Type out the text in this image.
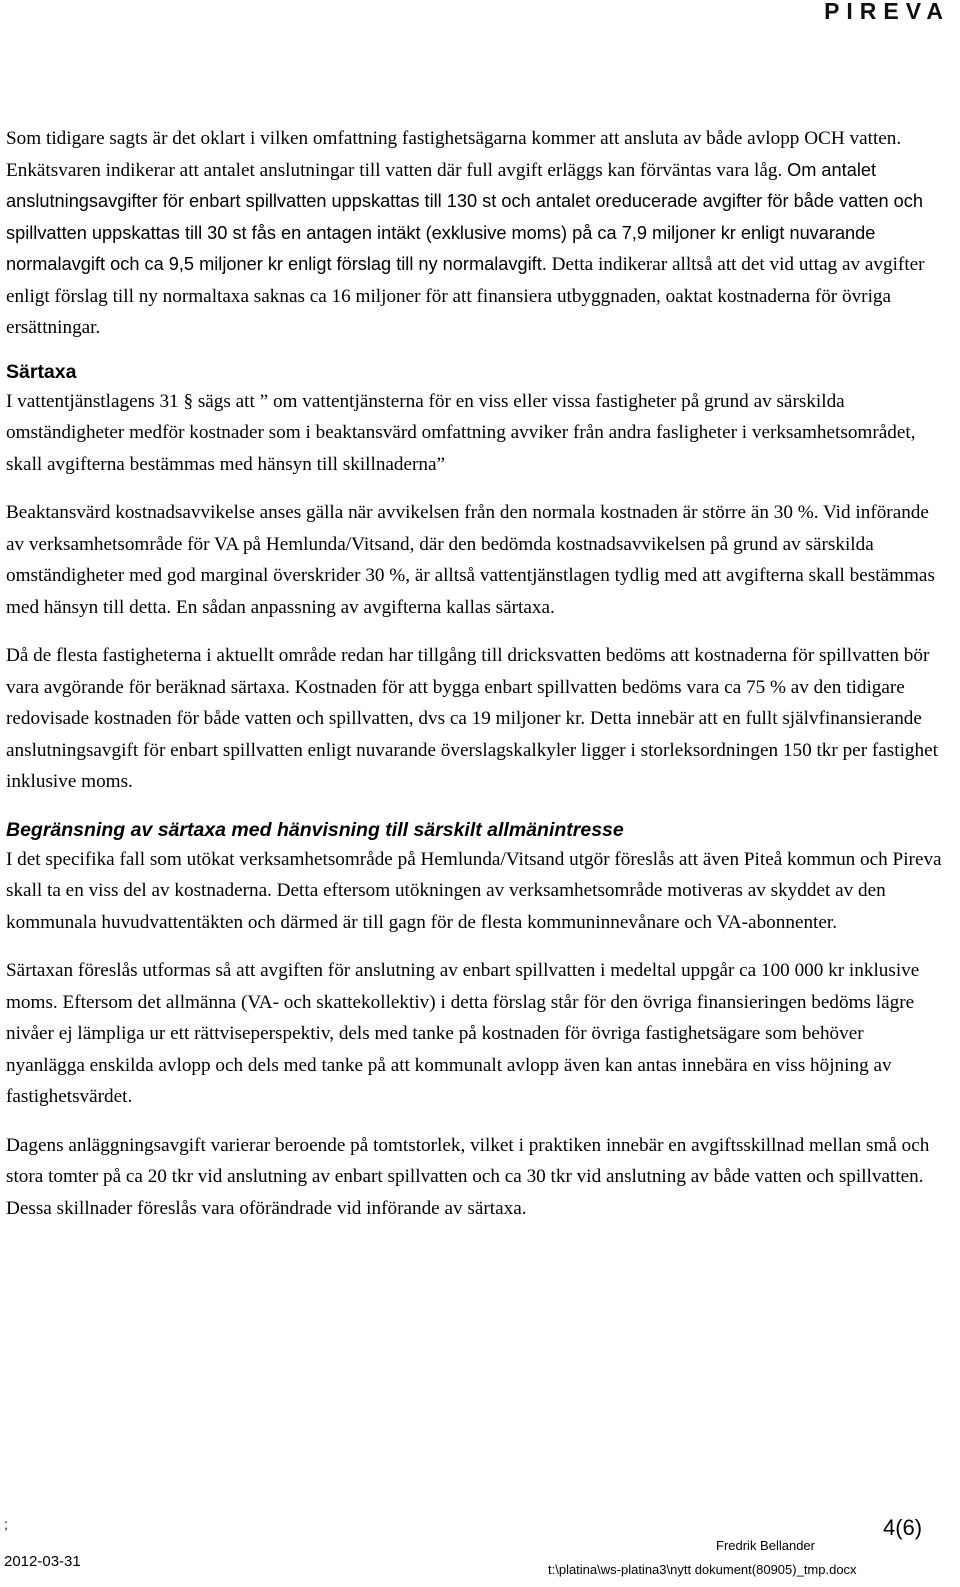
PIREVA

Som tidigare sagts är det oklart i vilken omfattning fastighetsägarna kommer att ansluta av både avlopp OCH vatten. Enkätsvaren indikerar att antalet anslutningar till vatten där full avgift erläggs kan förväntas vara låg. Om antalet anslutningsavgifter för enbart spillvatten uppskattas till 130 st och antalet oreducerade avgifter för både vatten och spillvatten uppskattas till 30 st fås en antagen intäkt (exklusive moms) på ca 7,9 miljoner kr enligt nuvarande normalavgift och ca 9,5 miljoner kr enligt förslag till ny normalavgift. Detta indikerar alltså att det vid uttag av avgifter enligt förslag till ny normaltaxa saknas ca 16 miljoner för att finansiera utbyggnaden, oaktat kostnaderna för övriga ersättningar.

Särtaxa

I vattentjänstlagens 31 § sägs att ” om vattentjänsterna för en viss eller vissa fastigheter på grund av särskilda omständigheter medför kostnader som i beaktansvärd omfattning avviker från andra fasligheter i verksamhetsområdet, skall avgifterna bestämmas med hänsyn till skillnaderna”

Beaktansvärd kostnadsavvikelse anses gälla när avvikelsen från den normala kostnaden är större än 30 %. Vid införande av verksamhetsområde för VA på Hemlunda/Vitsand, där den bedömda kostnadsavvikelsen på grund av särskilda omständigheter med god marginal överskrider 30 %, är alltså vattentjänstlagen tydlig med att avgifterna skall bestämmas med hänsyn till detta. En sådan anpassning av avgifterna kallas särtaxa.

Då de flesta fastigheterna i aktuellt område redan har tillgång till dricksvatten bedöms att kostnaderna för spillvatten bör vara avgörande för beräknad särtaxa. Kostnaden för att bygga enbart spillvatten bedöms vara ca 75 % av den tidigare redovisade kostnaden för både vatten och spillvatten, dvs ca 19 miljoner kr. Detta innebär att en fullt självfinansierande anslutningsavgift för enbart spillvatten enligt nuvarande överslagskalkyler ligger i storleksordningen 150 tkr per fastighet inklusive moms.

Begränsning av särtaxa med hänvisning till särskilt allmänintresse

I det specifika fall som utökat verksamhetsområde på Hemlunda/Vitsand utgör föreslås att även Piteå kommun och Pireva skall ta en viss del av kostnaderna. Detta eftersom utökningen av verksamhetsområde motiveras av skyddet av den kommunala huvudvattentäkten och därmed är till gagn för de flesta kommuninnevånare och VA-abonnenter.

Särtaxan föreslås utformas så att avgiften för anslutning av enbart spillvatten i medeltal uppgår ca 100 000 kr inklusive moms. Eftersom det allmänna (VA- och skattekollektiv) i detta förslag står för den övriga finansieringen bedöms lägre nivåer ej lämpliga ur ett rättviseperspektiv, dels med tanke på kostnaden för övriga fastighetsägare som behöver nyanlägga enskilda avlopp och dels med tanke på att kommunalt avlopp även kan antas innebära en viss höjning av fastighetsvärdet.

Dagens anläggningsavgift varierar beroende på tomtstorlek, vilket i praktiken innebär en avgiftsskillnad mellan små och stora tomter på ca 20 tkr vid anslutning av enbart spillvatten och ca 30 tkr vid anslutning av både vatten och spillvatten. Dessa skillnader föreslås vara oförändrade vid införande av särtaxa.

;
2012-03-31
Fredrik Bellander
t:\platina\ws-platina3\nytt dokument(80905)_tmp.docx
4(6)
